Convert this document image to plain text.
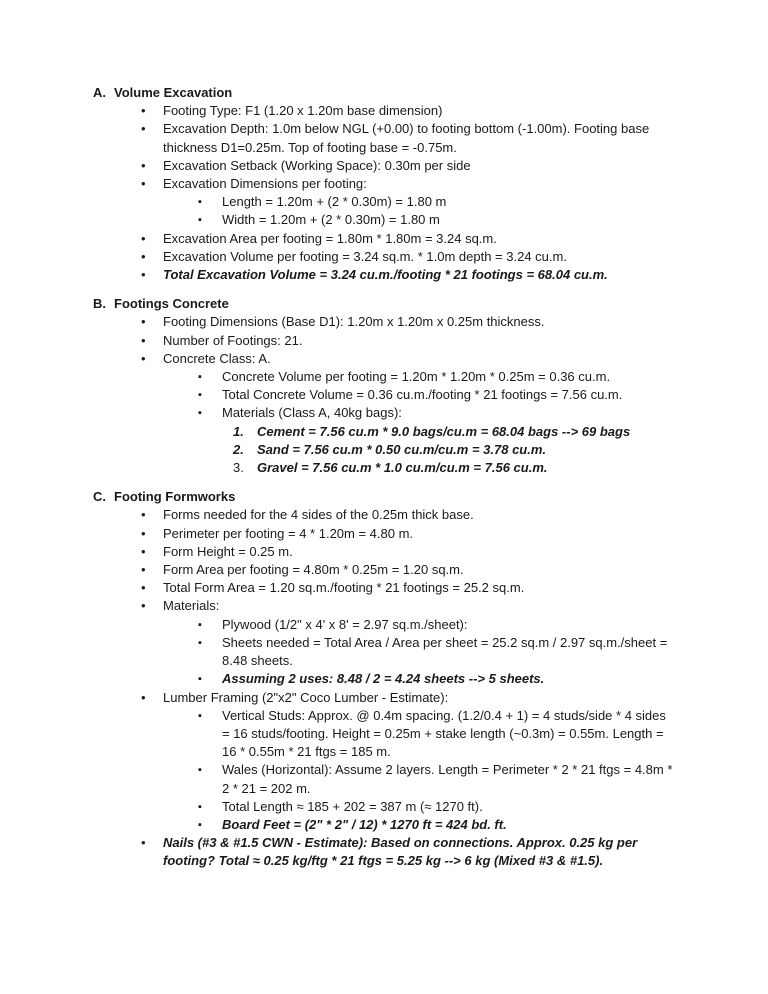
A. Volume Excavation
•	Footing Type: F1 (1.20 x 1.20m base dimension)
•	Excavation Depth: 1.0m below NGL (+0.00) to footing bottom (-1.00m). Footing base thickness D1=0.25m. Top of footing base = -0.75m.
•	Excavation Setback (Working Space): 0.30m per side
•	Excavation Dimensions per footing:
▪	Length = 1.20m + (2 * 0.30m) = 1.80 m
▪	Width = 1.20m + (2 * 0.30m) = 1.80 m
•	Excavation Area per footing = 1.80m * 1.80m = 3.24 sq.m.
•	Excavation Volume per footing = 3.24 sq.m. * 1.0m depth = 3.24 cu.m.
•	Total Excavation Volume = 3.24 cu.m./footing * 21 footings = 68.04 cu.m.
B. Footings Concrete
•	Footing Dimensions (Base D1): 1.20m x 1.20m x 0.25m thickness.
•	Number of Footings: 21.
•	Concrete Class: A.
▪	Concrete Volume per footing = 1.20m * 1.20m * 0.25m = 0.36 cu.m.
▪	Total Concrete Volume = 0.36 cu.m./footing * 21 footings = 7.56 cu.m.
▪	Materials (Class A, 40kg bags):
1.	Cement = 7.56 cu.m * 9.0 bags/cu.m = 68.04 bags --> 69 bags
2.	Sand = 7.56 cu.m * 0.50 cu.m/cu.m = 3.78 cu.m.
3.	Gravel = 7.56 cu.m * 1.0 cu.m/cu.m = 7.56 cu.m.
C. Footing Formworks
•	Forms needed for the 4 sides of the 0.25m thick base.
•	Perimeter per footing = 4 * 1.20m = 4.80 m.
•	Form Height = 0.25 m.
•	Form Area per footing = 4.80m * 0.25m = 1.20 sq.m.
•	Total Form Area = 1.20 sq.m./footing * 21 footings = 25.2 sq.m.
•	Materials:
▪	Plywood (1/2" x 4' x 8' = 2.97 sq.m./sheet):
▪	Sheets needed = Total Area / Area per sheet = 25.2 sq.m / 2.97 sq.m./sheet = 8.48 sheets.
▪	Assuming 2 uses: 8.48 / 2 = 4.24 sheets --> 5 sheets.
•	Lumber Framing (2"x2" Coco Lumber - Estimate):
▪	Vertical Studs: Approx. @ 0.4m spacing. (1.2/0.4 + 1) = 4 studs/side * 4 sides = 16 studs/footing. Height = 0.25m + stake length (~0.3m) = 0.55m. Length = 16 * 0.55m * 21 ftgs = 185 m.
▪	Wales (Horizontal): Assume 2 layers. Length = Perimeter * 2 * 21 ftgs = 4.8m * 2 * 21 = 202 m.
▪	Total Length ≈ 185 + 202 = 387 m (≈ 1270 ft).
▪	Board Feet = (2" * 2" / 12) * 1270 ft = 424 bd. ft.
•	Nails (#3 & #1.5 CWN - Estimate): Based on connections. Approx. 0.25 kg per footing? Total ≈ 0.25 kg/ftg * 21 ftgs = 5.25 kg --> 6 kg (Mixed #3 & #1.5).
